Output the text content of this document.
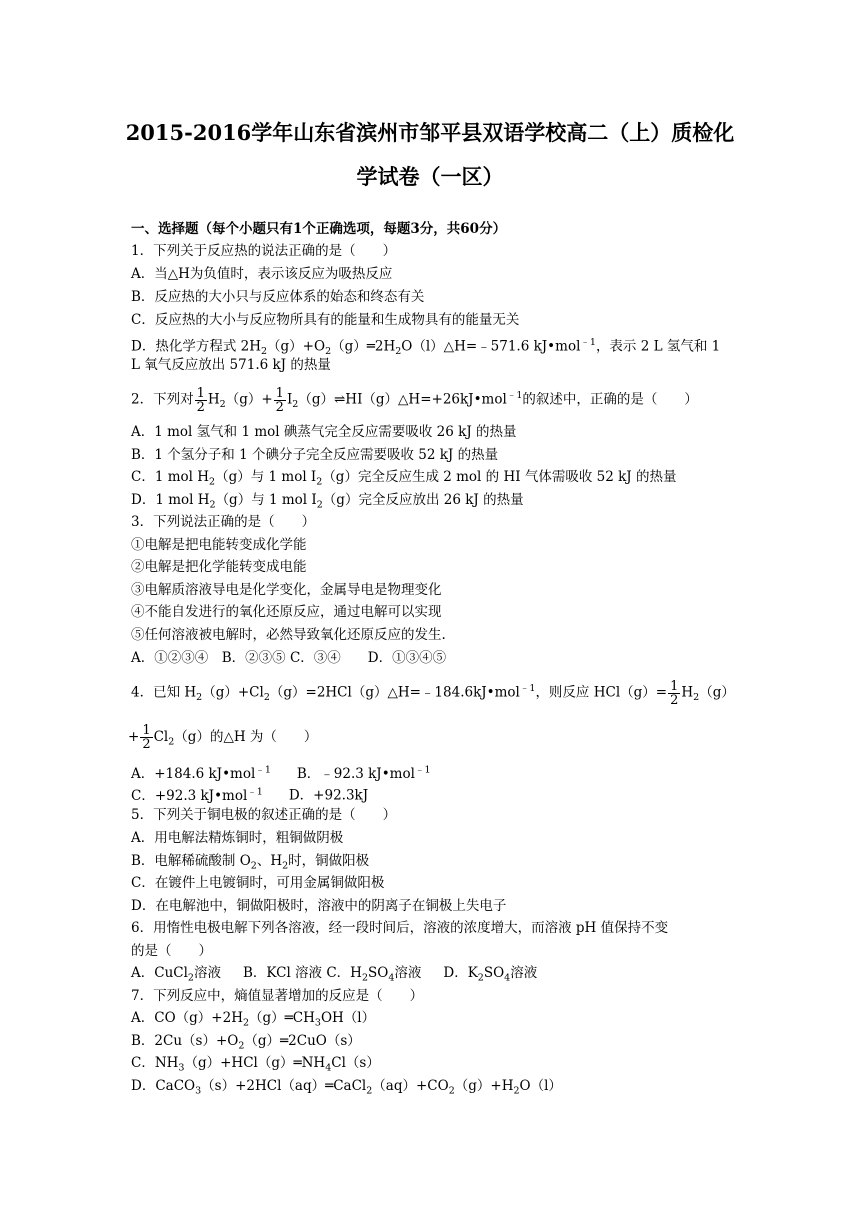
2015-2016学年山东省滨州市邹平县双语学校高二（上）质检化
学试卷（一区）
一、选择题（每个小题只有1个正确选项，每题3分，共60分）
1．下列关于反应热的说法正确的是（　　）
A．当△H为负值时，表示该反应为吸热反应
B．反应热的大小只与反应体系的始态和终态有关
C．反应热的大小与反应物所具有的能量和生成物具有的能量无关
D．热化学方程式 $2H_2(g)+O_2(g)═2H_2O(l)\triangle H=﹣571.6$ kJ•mol$^{﹣1}$，表示 2 L 氢气和 1
L 氧气反应放出 571.6 kJ 的热量
2．下列对 $\frac{1}{2} H_2(g)+ \frac{1}{2}$ $I_2(g)\rightleftharpoons HI(g)\triangle H=+26kJ•mol^{﹣1}$的叙述中，正确的是（　　）
A．1 mol 氢气和 1 mol 碘蒸气完全反应需要吸收 26 kJ 的热量
B．1 个氢分子和 1 个碘分子完全反应需要吸收 52 kJ 的热量
C．1 mol $H_2(g)$与 1 mol $I_2(g)$完全反应生成 2 mol 的 HI 气体需吸收 52 kJ 的热量
D．1 mol $H_2(g)$与 1 mol $I_2(g)$完全反应放出 26 kJ 的热量
3．下列说法正确的是（　　）
①电解是把电能转变成化学能
②电解是把化学能转变成电能
③电解质溶液导电是化学变化，金属导电是物理变化
④不能自发进行的氧化还原反应，通过电解可以实现
⑤任何溶液被电解时，必然导致氧化还原反应的发生.
A．①②③④　B．②③⑤ C．③④　　D．①③④⑤
4．已知 $H_2(g)+Cl_2(g)=2HCl(g)\triangle H=﹣184.6kJ•mol^{﹣1}$，则反应 $HCl(g)= \frac{1}{2} H_2(g)$
+ $\frac{1}{2} Cl_2(g)$的△H 为（　　）
A．+184.6 kJ•mol$^{﹣1}$ B．﹣92.3 kJ•mol$^{﹣1}$
C．+92.3 kJ•mol$^{﹣1}$ D．+92.3kJ
5．下列关于铜电极的叙述正确的是（　　）
A．用电解法精炼铜时，粗铜做阴极
B．电解稀硫酸制 $O_2$、$H_2$时，铜做阳极
C．在镀件上电镀铜时，可用金属铜做阳极
D．在电解池中，铜做阳极时，溶液中的阴离子在铜极上失电子
6．用惰性电极电解下列各溶液，经一段时间后，溶液的浓度增大，而溶液 pH 值保持不变
的是（　　）
A．CuCl$_2$溶液 B．KCl 溶液 C．$H_2SO_4$溶液 D．$K_2SO_4$溶液
7．下列反应中，熵值显著增加的反应是（　　）
A．$CO(g)+2H_2(g)═CH_3OH(l)$
B．$2Cu(s)+O_2(g)═2CuO(s)$
C．$NH_3(g)+HCl(g)═NH_4Cl(s)$
D．$CaCO_3(s)+2HCl(aq)═CaCl_2(aq)+CO_2(g)+H_2O(l)$
